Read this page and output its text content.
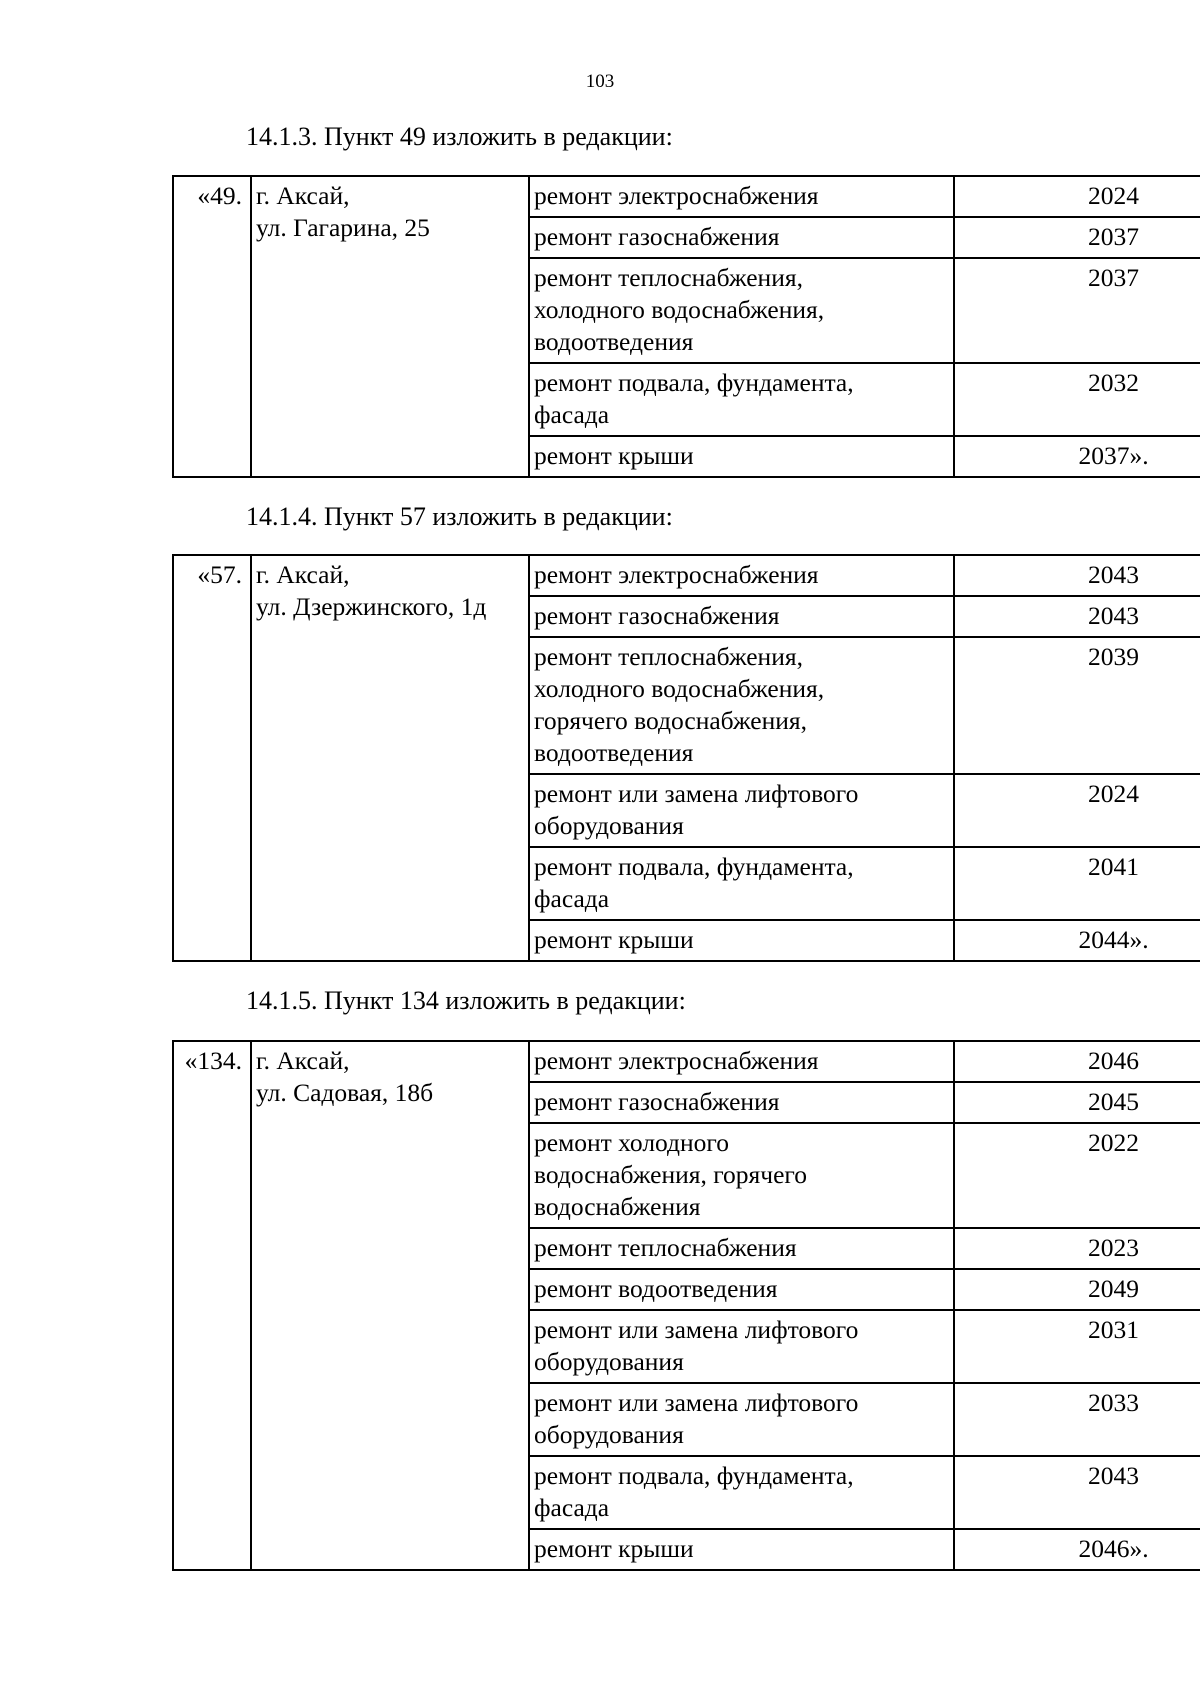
103
14.1.3. Пункт 49 изложить в редакции:
«49.	г. Аксай,
ул. Гагарина, 25	ремонт электроснабжения	2024

		ремонт газоснабжения	2037

		ремонт теплоснабжения,
холодного водоснабжения,
водоотведения	2037

		ремонт подвала, фундамента,
фасада	2032

		ремонт крыши	2037».
14.1.4. Пункт 57 изложить в редакции:
«57.	г. Аксай,
ул. Дзержинского, 1д	ремонт электроснабжения	2043

		ремонт газоснабжения	2043

		ремонт теплоснабжения,
холодного водоснабжения,
горячего водоснабжения,
водоотведения	2039

		ремонт или замена лифтового
оборудования	2024

		ремонт подвала, фундамента,
фасада	2041

		ремонт крыши	2044».
14.1.5. Пункт 134 изложить в редакции:
«134.	г. Аксай,
ул. Садовая, 18б	ремонт электроснабжения	2046

		ремонт газоснабжения	2045

		ремонт холодного
водоснабжения, горячего
водоснабжения	2022

		ремонт теплоснабжения	2023

		ремонт водоотведения	2049

		ремонт или замена лифтового
оборудования	2031

		ремонт или замена лифтового
оборудования	2033

		ремонт подвала, фундамента,
фасада	2043

		ремонт крыши	2046».
